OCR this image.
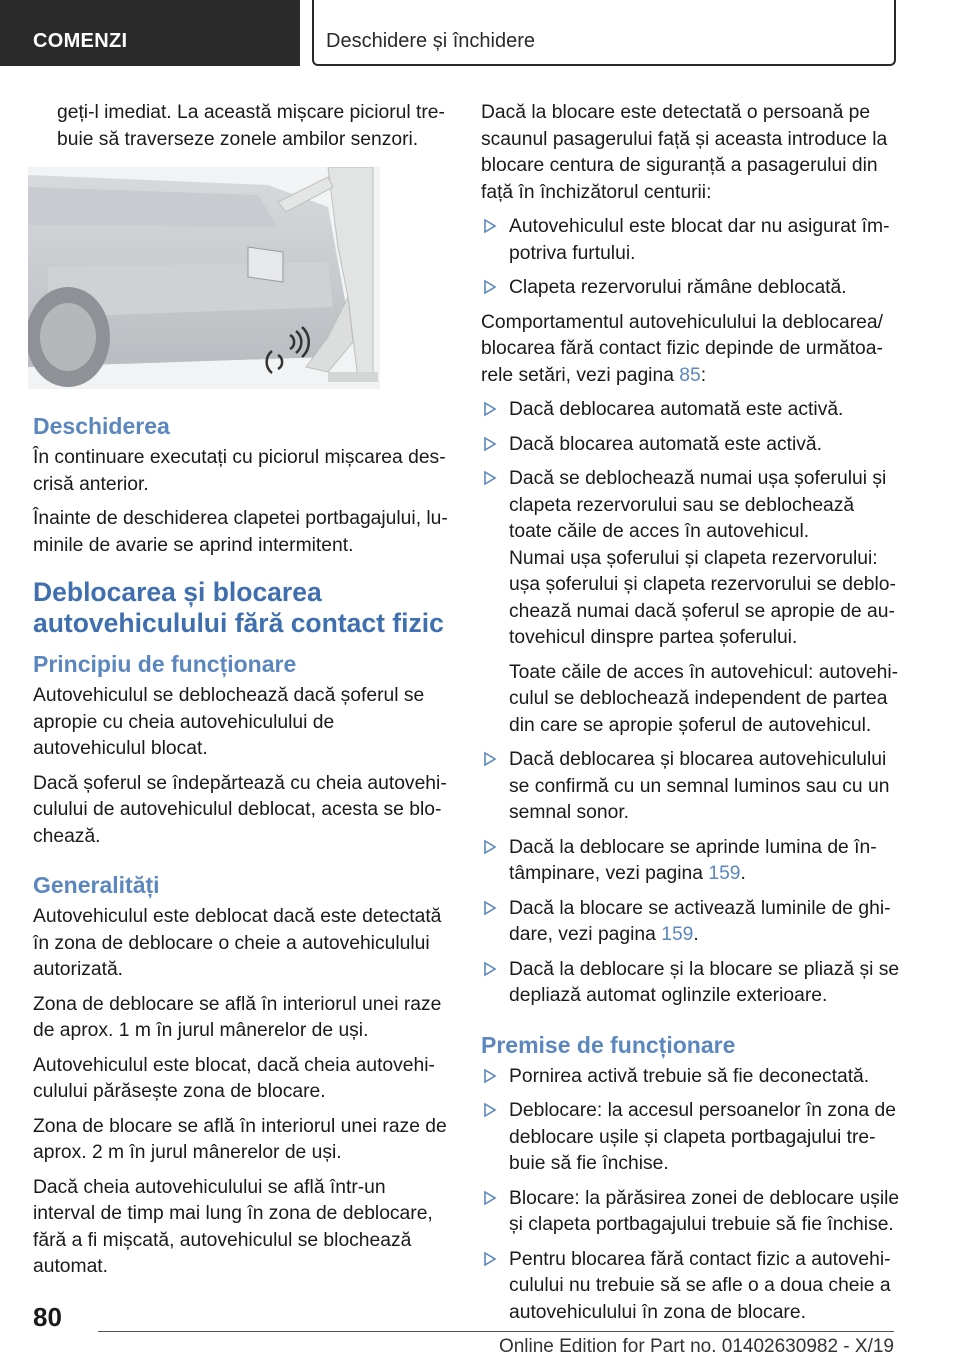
COMENZI	Deschidere și închidere

geți-l imediat. La această mișcare piciorul trebuie să traverseze zonele ambilor senzori.

Deschiderea

În continuare executați cu piciorul mișcarea descrisă anterior.

Înainte de deschiderea clapetei portbagajului, luminile de avarie se aprind intermitent.

Deblocarea și blocarea autovehiculului fără contact fizic
Principiu de funcționare

Autovehiculul se deblochează dacă șoferul se apropie cu cheia autovehiculului de autovehiculul blocat.

Dacă șoferul se îndepărtează cu cheia autovehiculului de autovehiculul deblocat, acesta se blochează.

Generalități

Autovehiculul este deblocat dacă este detectată în zona de deblocare o cheie a autovehiculului autorizată.

Zona de deblocare se află în interiorul unei raze de aprox. 1 m în jurul mânerelor de uși.

Autovehiculul este blocat, dacă cheia autovehiculului părăsește zona de blocare.

Zona de blocare se află în interiorul unei raze de aprox. 2 m în jurul mânerelor de uși.

Dacă cheia autovehiculului se află într-un interval de timp mai lung în zona de deblocare, fără a fi mișcată, autovehiculul se blochează automat.

Dacă la blocare este detectată o persoană pe scaunul pasagerului față și aceasta introduce la blocare centura de siguranță a pasagerului din față în închizătorul centurii:

Autovehiculul este blocat dar nu asigurat împotriva furtului.
Clapeta rezervorului rămâne deblocată.

Comportamentul autovehiculului la deblocarea/ blocarea fără contact fizic depinde de următoarele setări, vezi pagina 85:

Dacă deblocarea automată este activă.
Dacă blocarea automată este activă.
Dacă se deblochează numai ușa șoferului și clapeta rezervorului sau se deblochează toate căile de acces în autovehicul.

Numai ușa șoferului și clapeta rezervorului: ușa șoferului și clapeta rezervorului se deblochează numai dacă șoferul se apropie de autovehicul dinspre partea șoferului.

Toate căile de acces în autovehicul: autovehiculul se deblochează independent de partea din care se apropie șoferul de autovehicul.

Dacă deblocarea și blocarea autovehiculului se confirmă cu un semnal luminos sau cu un semnal sonor.
Dacă la deblocare se aprinde lumina de întâmpinare, vezi pagina 159.
Dacă la blocare se activează luminile de ghidare, vezi pagina 159.
Dacă la deblocare și la blocare se pliază și se depliază automat oglinzile exterioare.
Premise de funcționare
Pornirea activă trebuie să fie deconectată.
Deblocare: la accesul persoanelor în zona de deblocare ușile și clapeta portbagajului trebuie să fie închise.
Blocare: la părăsirea zonei de deblocare ușile și clapeta portbagajului trebuie să fie închise.
Pentru blocarea fără contact fizic a autovehiculului nu trebuie să se afle o a doua cheie a autovehiculului în zona de blocare.
80
Online Edition for Part no. 01402630982 - X/19
